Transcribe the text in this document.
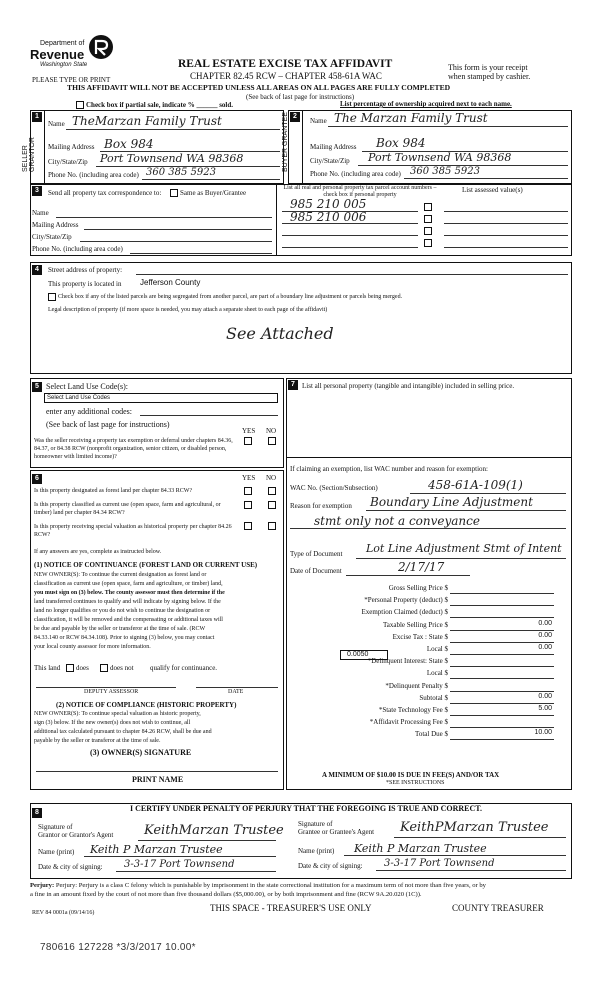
Department of
Revenue
Washington State
PLEASE TYPE OR PRINT
REAL ESTATE EXCISE TAX AFFIDAVIT
CHAPTER 82.45 RCW – CHAPTER 458-61A WAC
This form is your receipt
when stamped by cashier.
THIS AFFIDAVIT WILL NOT BE ACCEPTED UNLESS ALL AREAS ON ALL PAGES ARE FULLY COMPLETED
(See back of last page for instructions)
Check box if partial sale, indicate % ______ sold.	List percentage of ownership acquired next to each name.
1
SELLER GRANTOR
Name TheMarzan Family Trust
Mailing Address Box 984
City/State/Zip Port Townsend WA 98368
Phone No. (including area code) 360 385 5923
2
BUYER GRANTEE	Name The Marzan Family Trust
Mailing Address Box 984
City/State/Zip Port Townsend WA 98368
Phone No. (including area code) 360 385 5923
3	Send all property tax correspondence to:	Same as Buyer/Grantee
Name
Mailing Address
City/State/Zip
Phone No. (including area code)
List all real and personal property tax parcel account numbers – check box if personal property
List assessed value(s)
985 210 005
985 210 006
4	Street address of property:
This property is located in Jefferson County
Check box if any of the listed parcels are being segregated from another parcel, are part of a boundary line adjustment or parcels being merged.
Legal description of property (if more space is needed, you may attach a separate sheet to each page of the affidavit)
See Attached
5 Select Land Use Code(s):
Select Land Use Codes
enter any additional codes:
(See back of last page for instructions)
YES NO
Was the seller receiving a property tax exemption or deferral under chapters 84.36, 84.37, or 84.38 RCW (nonprofit organization, senior citizen, or disabled person, homeowner with limited income)?
6	YES NO
Is this property designated as forest land per chapter 84.33 RCW?
Is this property classified as current use (open space, farm and agricultural, or timber) land per chapter 84.34 RCW?
Is this property receiving special valuation as historical property per chapter 84.26 RCW?
If any answers are yes, complete as instructed below.
(1) NOTICE OF CONTINUANCE (FOREST LAND OR CURRENT USE)
NEW OWNER(S): To continue the current designation as forest land or
classification as current use (open space, farm and agriculture, or timber) land,
you must sign on (3) below. The county assessor must then determine if the
land transferred continues to qualify and will indicate by signing below. If the
land no longer qualifies or you do not wish to continue the designation or
classification, it will be removed and the compensating or additional taxes will
be due and payable by the seller or transferor at the time of sale. (RCW
84.33.140 or RCW 84.34.108). Prior to signing (3) below, you may contact
your local county assessor for more information.
This land does	does not qualify for continuance.
DEPUTY ASSESSOR	DATE
(2) NOTICE OF COMPLIANCE (HISTORIC PROPERTY)
NEW OWNER(S): To continue special valuation as historic property,
sign (3) below. If the new owner(s) does not wish to continue, all
additional tax calculated pursuant to chapter 84.26 RCW, shall be due and
payable by the seller or transferor at the time of sale.
(3) OWNER(S) SIGNATURE
PRINT NAME
7	List all personal property (tangible and intangible) included in selling price.
If claiming an exemption, list WAC number and reason for exemption:
WAC No. (Section/Subsection)	458-61A-109(1)
Reason for exemption Boundary Line Adjustment
stmt only not a conveyance
Type of Document Lot Line Adjustment Stmt of Intent
Date of Document	2/17/17
Gross Selling Price $
*Personal Property (deduct) $
Exemption Claimed (deduct) $
Taxable Selling Price $	0.00
Excise Tax : State $	0.00
Local $	0.00
*Delinquent Interest: State $
Local $
*Delinquent Penalty $
Subtotal $	0.00
*State Technology Fee $	5.00
*Affidavit Processing Fee $
Total Due $	10.00
0.0050
A MINIMUM OF $10.00 IS DUE IN FEE(S) AND/OR TAX
*SEE INSTRUCTIONS
8	I CERTIFY UNDER PENALTY OF PERJURY THAT THE FOREGOING IS TRUE AND CORRECT.
Signature of
Grantor or Grantor's Agent KeithMarzan Trustee
Name (print) Keith P Marzan Trustee
Date & city of signing: 3-3-17 Port Townsend
Signature of
Grantee or Grantee's Agent KeithPMarzan Trustee
Name (print) Keith P Marzan Trustee
Date & city of signing: 3-3-17 Port Townsend
Perjury: Perjury: Perjury is a class C felony which is punishable by imprisonment in the state correctional institution for a maximum term of not more than five years, or by
a fine in an amount fixed by the court of not more than five thousand dollars ($5,000.00), or by both imprisonment and fine (RCW 9A.20.020 (1C)).
REV 84 0001a (09/14/16)	THIS SPACE - TREASURER'S USE ONLY	COUNTY TREASURER
780616 127228 *3/3/2017 10.00*
